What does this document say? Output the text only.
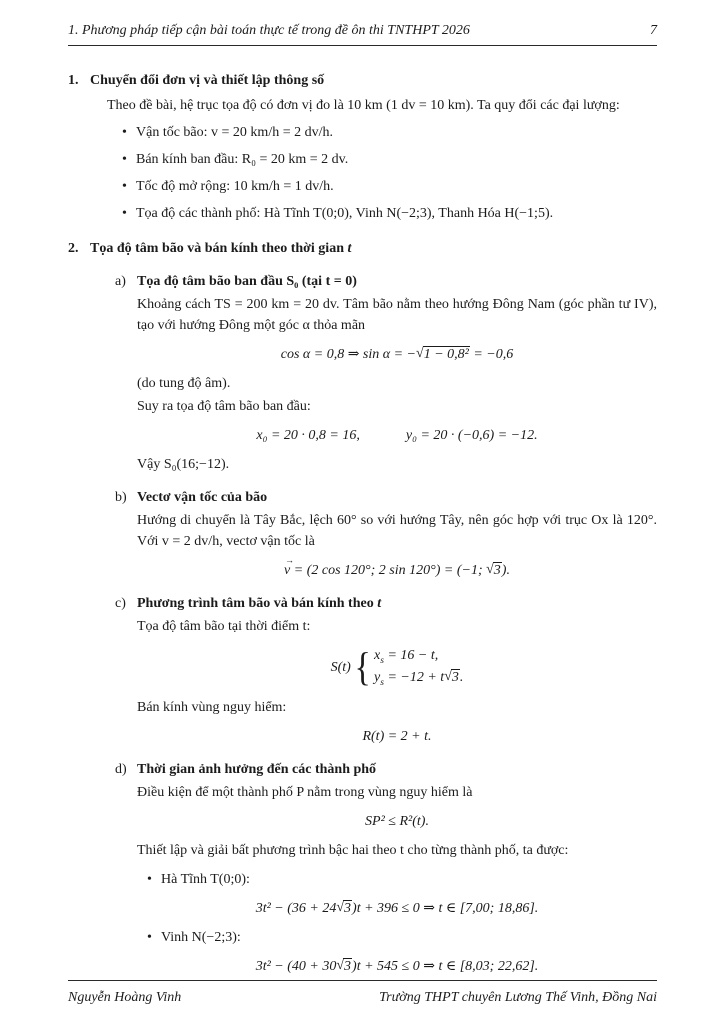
1. Phương pháp tiếp cận bài toán thực tế trong đề ôn thi TNTHPT 2026	7
1. Chuyển đổi đơn vị và thiết lập thông số

Theo đề bài, hệ trục tọa độ có đơn vị đo là 10 km (1 dv = 10 km). Ta quy đổi các đại lượng:

• Vận tốc bão: v = 20 km/h = 2 dv/h.
• Bán kính ban đầu: R₀ = 20 km = 2 dv.
• Tốc độ mở rộng: 10 km/h = 1 dv/h.
• Tọa độ các thành phố: Hà Tĩnh T(0;0), Vinh N(−2;3), Thanh Hóa H(−1;5).
2. Tọa độ tâm bão và bán kính theo thời gian t
a) Tọa độ tâm bão ban đầu S₀ (tại t = 0)

Khoảng cách TS = 200 km = 20 dv. Tâm bão nằm theo hướng Đông Nam (góc phần tư IV), tạo với hướng Đông một góc α thỏa mãn

cos α = 0,8 ⇒ sin α = −√1 − 0,8² = −0,6

(do tung độ âm).

Suy ra tọa độ tâm bão ban đầu:

x₀ = 20 · 0,8 = 16,	y₀ = 20 · (−0,6) = −12.

Vậy S₀(16;−12).

b) Vectơ vận tốc của bão

Hướng di chuyển là Tây Bắc, lệch 60° so với hướng Tây, nên góc hợp với trục Ox là 120°. Với v = 2 dv/h, vectơ vận tốc là

→
v = (2 cos 120°; 2 sin 120°) = (−1; √3).
c) Phương trình tâm bão và bán kính theo t

Tọa độ tâm bão tại thời điểm t:

S(t) { $x_s = 16 - t$,
$y_s = -12 + t√3$.

Bán kính vùng nguy hiểm:

R(t) = 2 + t.
d) Thời gian ảnh hưởng đến các thành phố

Điều kiện để một thành phố P nằm trong vùng nguy hiểm là

SP² ≤ R²(t).

Thiết lập và giải bất phương trình bậc hai theo t cho từng thành phố, ta được:

• Hà Tĩnh T(0;0):
3t² − (36 + 24√3)t + 396 ≤ 0 ⇒ t ∈ [7,00; 18,86].
• Vinh N(−2;3):
3t² − (40 + 30√3)t + 545 ≤ 0 ⇒ t ∈ [8,03; 22,62].
Nguyễn Hoàng Vinh	Trường THPT chuyên Lương Thế Vinh, Đồng Nai
